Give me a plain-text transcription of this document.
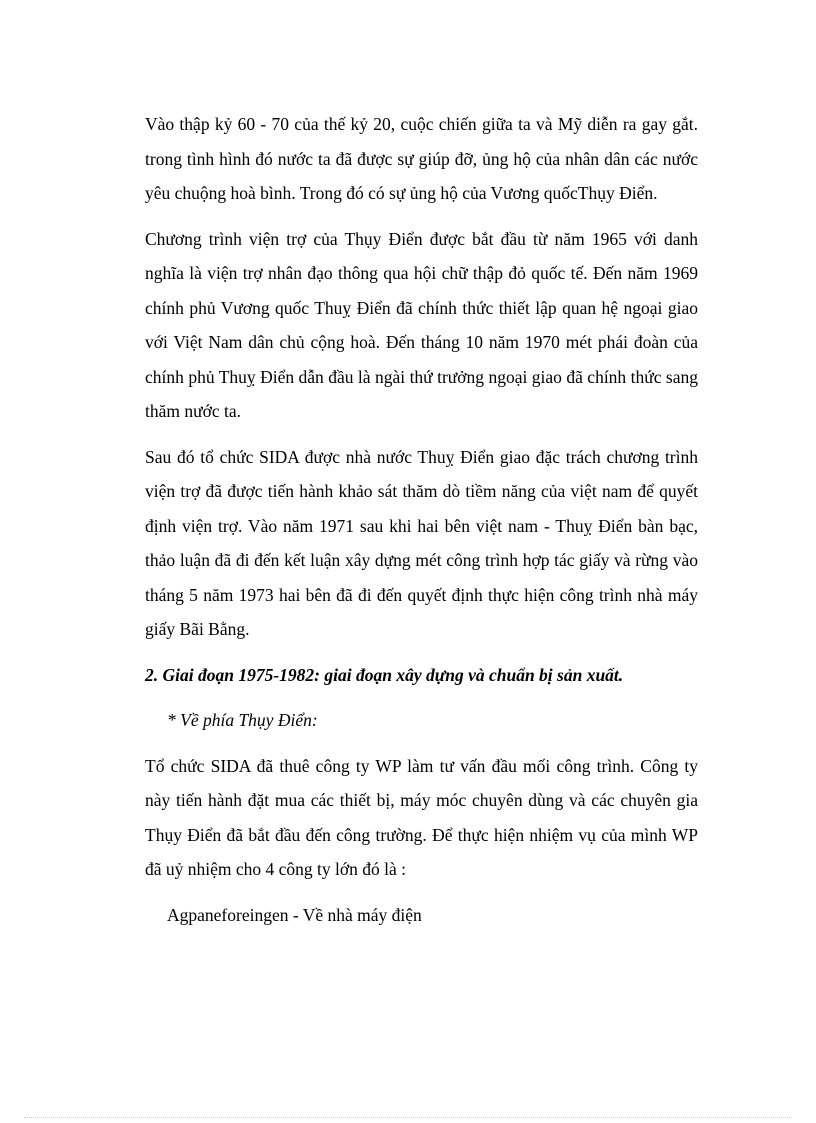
Vào thập kỷ 60 - 70 của thế kỷ 20, cuộc chiến giữa ta và Mỹ diễn ra gay gắt. trong tình hình đó nước ta đã được sự giúp đỡ, ủng hộ của nhân dân các nước yêu chuộng hoà bình. Trong đó có sự ủng hộ của Vương quốcThụy Điển.

Chương trình viện trợ của Thụy Điển được bắt đầu từ năm 1965 với danh nghĩa là viện trợ nhân đạo thông qua hội chữ thập đỏ quốc tế. Đến năm 1969 chính phủ Vương quốc Thuỵ Điển đã chính thức thiết lập quan hệ ngoại giao với Việt Nam dân chủ cộng hoà. Đến tháng 10 năm 1970 mét phái đoàn của chính phủ Thuỵ Điển dẫn đầu là ngài thứ trưởng ngoại giao đã chính thức sang thăm nước ta.

Sau đó tổ chức SIDA được nhà nước Thuỵ Điển giao đặc trách chương trình viện trợ đã được tiến hành khảo sát thăm dò tiềm năng của việt nam để quyết định viện trợ. Vào năm 1971 sau khi hai bên việt nam - Thuỵ Điển bàn bạc, thảo luận đã đi đến kết luận xây dựng mét công trình hợp tác giấy và rừng vào tháng 5 năm 1973 hai bên đã đi đến quyết định thực hiện công trình nhà máy giấy Bãi Bằng.

2. Giai đoạn 1975-1982: giai đoạn xây dựng và chuẩn bị sản xuất.

* Về phía Thụy Điển:

Tổ chức SIDA đã thuê công ty WP làm tư vấn đầu mối công trình. Công ty này tiến hành đặt mua các thiết bị, máy móc chuyên dùng và các chuyên gia Thụy Điển đã bắt đầu đến công trường. Để thực hiện nhiệm vụ của mình WP đã uỷ nhiệm cho 4 công ty lớn đó là :

Agpaneforeingen - Về nhà máy điện
